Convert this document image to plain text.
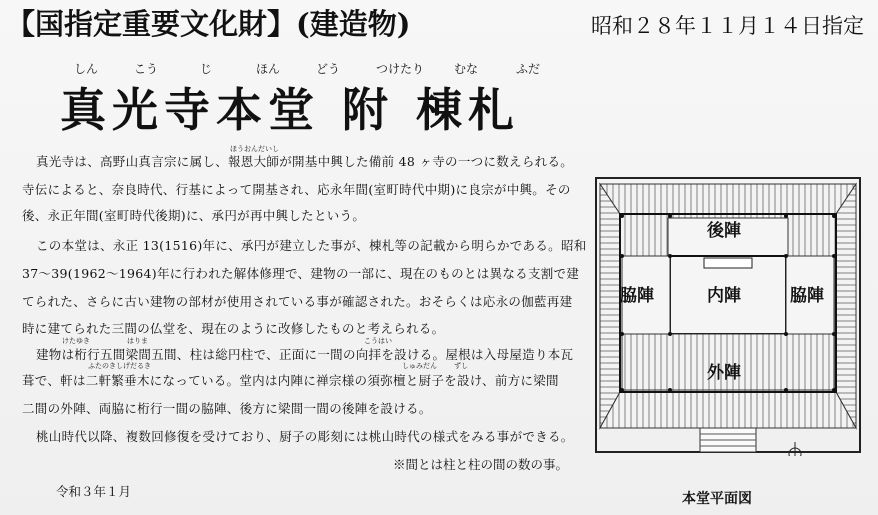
【国指定重要文化財】(建造物)	昭和２８年１１月１４日指定
しん	こう	じ	ほん	どう	つけたり むな	ふだ
真光寺本堂 附 棟札
ほうおんだいし
けたゆき	はりま	こうはい
ふたのきしげだるき	しゅみだん ずし
真光寺は、高野山真言宗に属し、報恩大師が開基中興した備前 48 ヶ寺の一つに数えられる。
寺伝によると、奈良時代、行基によって開基され、応永年間(室町時代中期)に良宗が中興。その
後、永正年間(室町時代後期)に、承円が再中興したという。
この本堂は、永正 13(1516)年に、承円が建立した事が、棟札等の記載から明らかである。昭和
37〜39(1962〜1964)年に行われた解体修理で、建物の一部に、現在のものとは異なる支割で建
てられた、さらに古い建物の部材が使用されている事が確認された。おそらくは応永の伽藍再建
時に建てられた三間の仏堂を、現在のように改修したものと考えられる。
建物は桁行五間梁間五間、柱は総円柱で、正面に一間の向拝を設ける。屋根は入母屋造り本瓦
葺で、軒は二軒繁垂木になっている。堂内は内陣に禅宗様の須弥檀と厨子を設け、前方に梁間
二間の外陣、両脇に桁行一間の脇陣、後方に梁間一間の後陣を設ける。
桃山時代以降、複数回修復を受けており、厨子の彫刻には桃山時代の様式をみる事ができる。
※間とは柱と柱の間の数の事。
令和３年１月
後陣
内陣
脇陣	脇陣
外陣
本堂平面図
